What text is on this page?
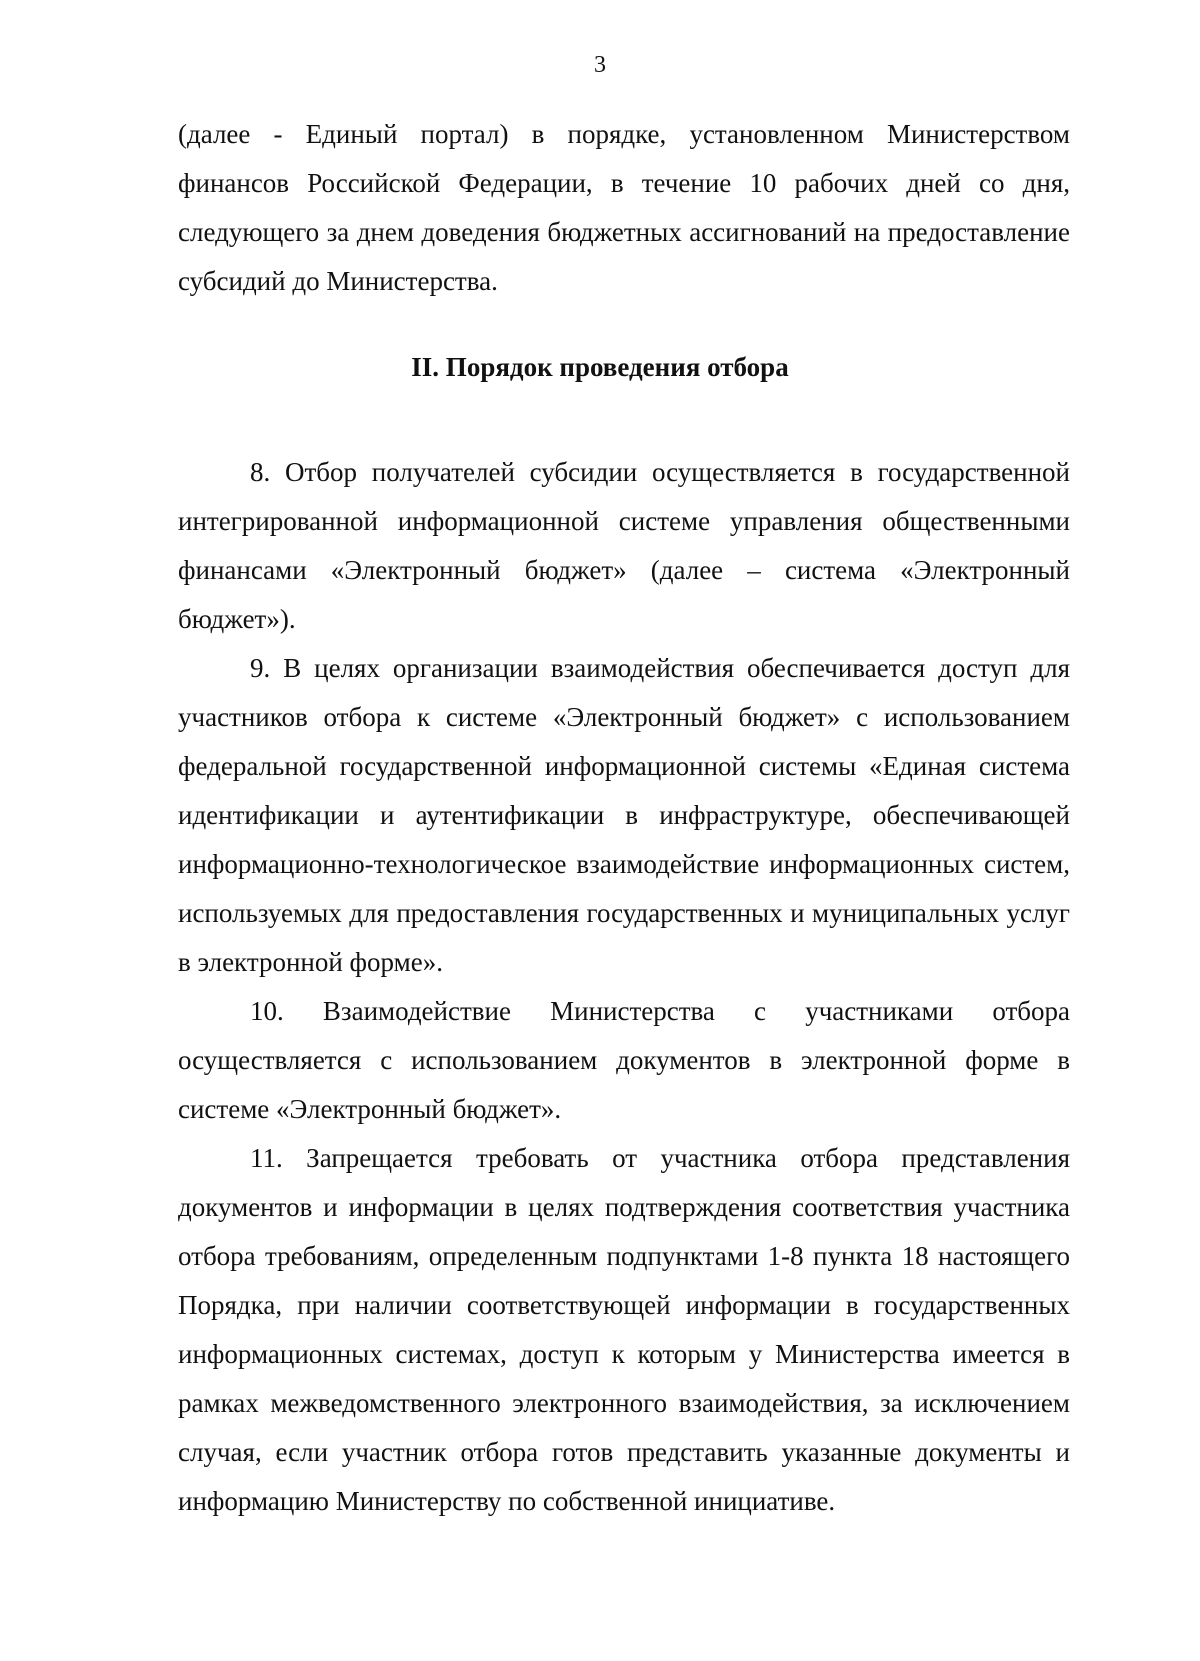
3

(далее - Единый портал) в порядке, установленном Министерством финансов Российской Федерации, в течение 10 рабочих дней со дня, следующего за днем доведения бюджетных ассигнований на предоставление субсидий до Министерства.

II. Порядок проведения отбора

8. Отбор получателей субсидии осуществляется в государственной интегрированной информационной системе управления общественными финансами «Электронный бюджет» (далее – система «Электронный бюджет»).

9. В целях организации взаимодействия обеспечивается доступ для участников отбора к системе «Электронный бюджет» с использованием федеральной государственной информационной системы «Единая система идентификации и аутентификации в инфраструктуре, обеспечивающей информационно-технологическое взаимодействие информационных систем, используемых для предоставления государственных и муниципальных услуг в электронной форме».

10. Взаимодействие Министерства с участниками отбора осуществляется с использованием документов в электронной форме в системе «Электронный бюджет».

11. Запрещается требовать от участника отбора представления документов и информации в целях подтверждения соответствия участника отбора требованиям, определенным подпунктами 1-8 пункта 18 настоящего Порядка, при наличии соответствующей информации в государственных информационных системах, доступ к которым у Министерства имеется в рамках межведомственного электронного взаимодействия, за исключением случая, если участник отбора готов представить указанные документы и информацию Министерству по собственной инициативе.
